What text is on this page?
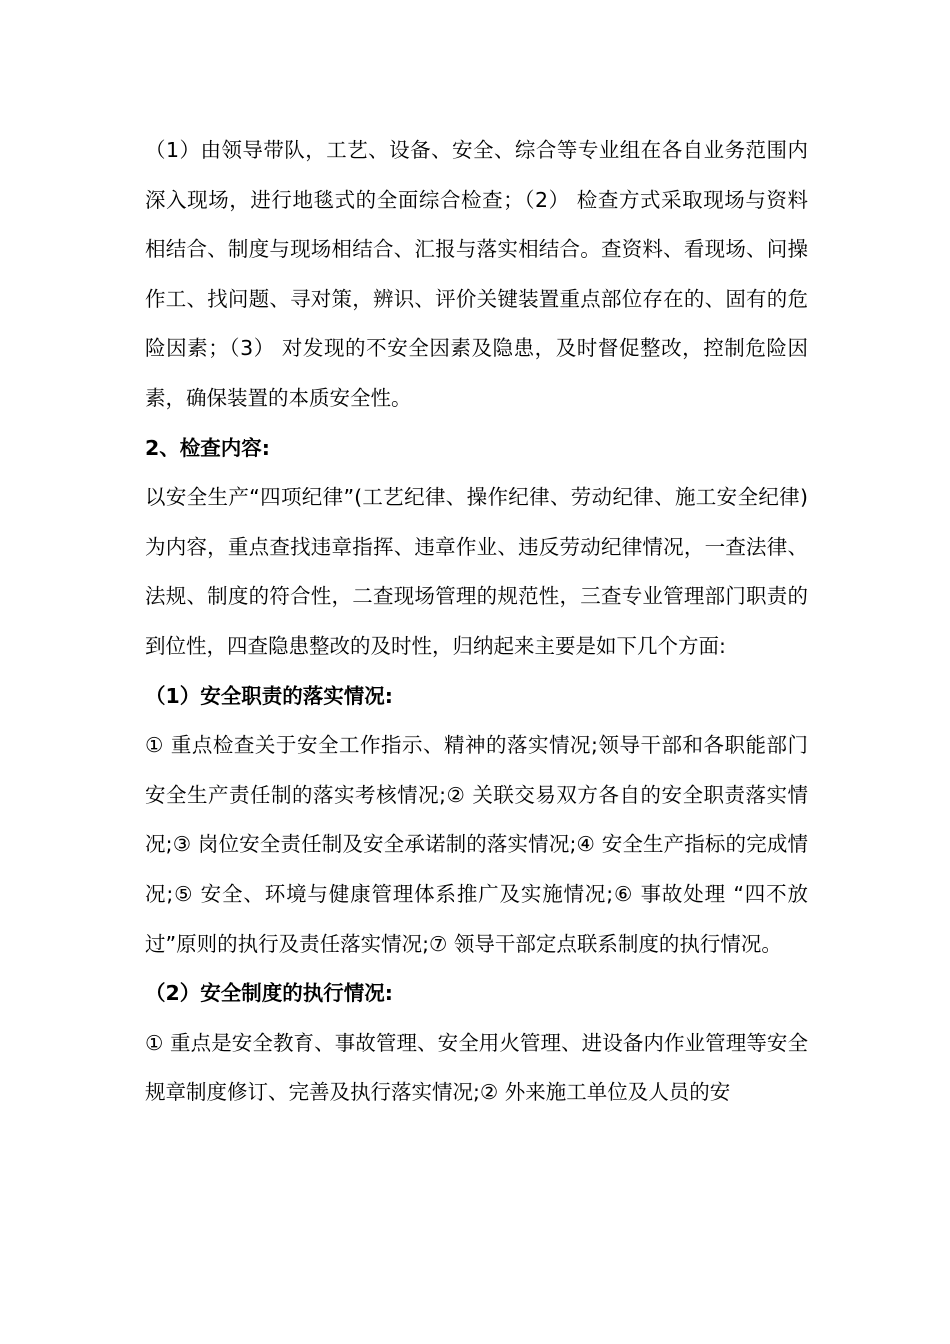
（1）由领导带队，工艺、设备、安全、综合等专业组在各自业务范围内深入现场，进行地毯式的全面综合检查；（2） 检查方式采取现场与资料相结合、制度与现场相结合、汇报与落实相结合。查资料、看现场、问操作工、找问题、寻对策，辨识、评价关键装置重点部位存在的、固有的危险因素；（3） 对发现的不安全因素及隐患，及时督促整改，控制危险因素，确保装置的本质安全性。

2、检查内容:

以安全生产“四项纪律”(工艺纪律、操作纪律、劳动纪律、施工安全纪律)为内容，重点查找违章指挥、违章作业、违反劳动纪律情况，一查法律、法规、制度的符合性，二查现场管理的规范性，三查专业管理部门职责的到位性，四查隐患整改的及时性，归纳起来主要是如下几个方面:

（1）安全职责的落实情况:

① 重点检查关于安全工作指示、精神的落实情况;领导干部和各职能部门安全生产责任制的落实考核情况;② 关联交易双方各自的安全职责落实情况;③ 岗位安全责任制及安全承诺制的落实情况;④ 安全生产指标的完成情况;⑤ 安全、环境与健康管理体系推广及实施情况;⑥ 事故处理 “四不放过”原则的执行及责任落实情况;⑦ 领导干部定点联系制度的执行情况。

（2）安全制度的执行情况:

① 重点是安全教育、事故管理、安全用火管理、进设备内作业管理等安全规章制度修订、完善及执行落实情况;② 外来施工单位及人员的安
